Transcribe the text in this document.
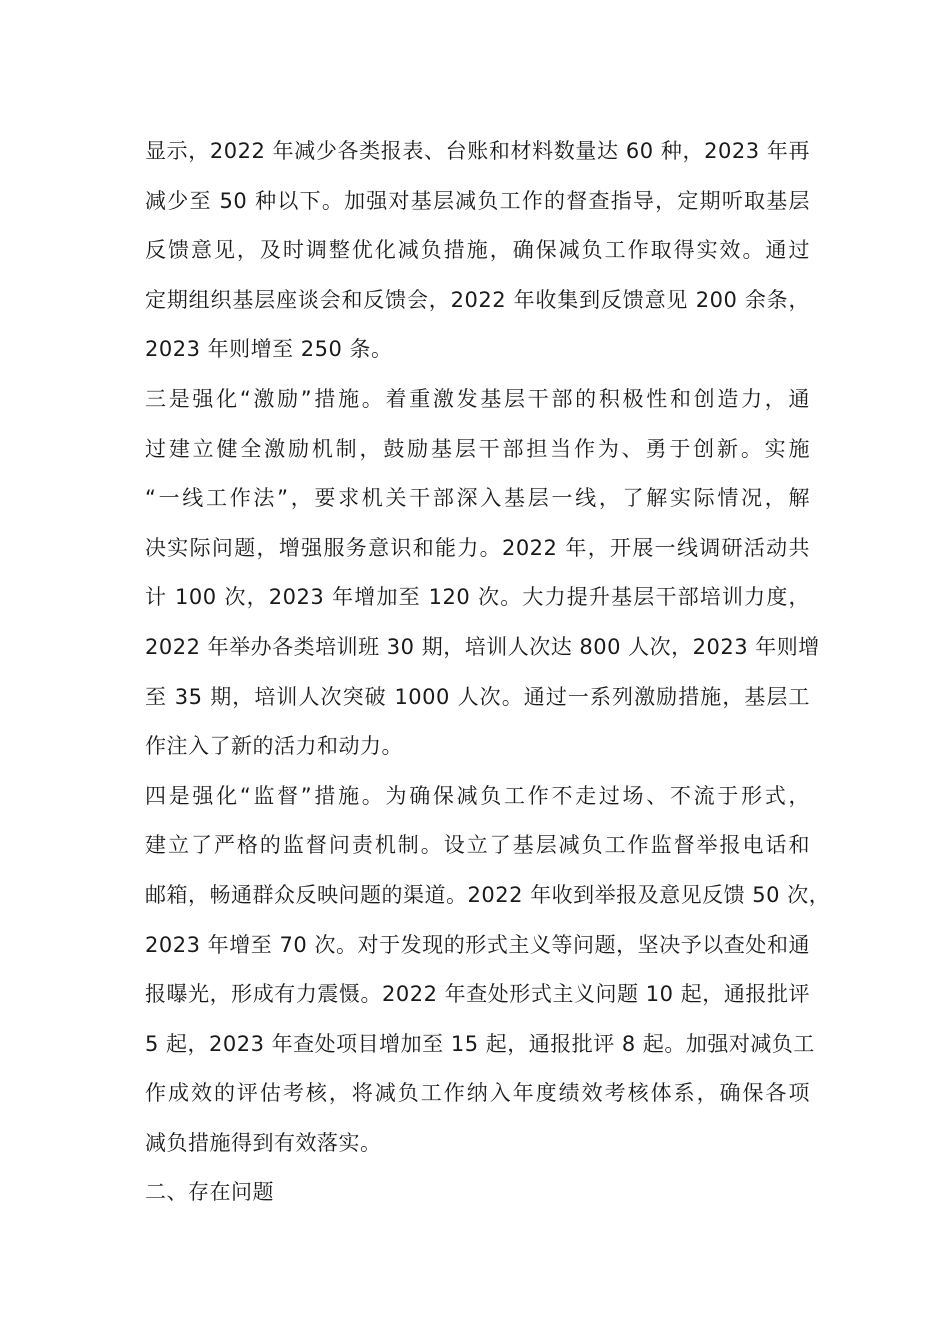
显示，2022 年减少各类报表、台账和材料数量达 60 种，2023 年再
减少至 50 种以下。加强对基层减负工作的督查指导，定期听取基层
反馈意见，及时调整优化减负措施，确保减负工作取得实效。通过
定期组织基层座谈会和反馈会，2022 年收集到反馈意见 200 余条，
2023 年则增至 250 条。
三是强化“激励”措施。着重激发基层干部的积极性和创造力，通
过建立健全激励机制，鼓励基层干部担当作为、勇于创新。实施
“一线工作法”，要求机关干部深入基层一线，了解实际情况，解
决实际问题，增强服务意识和能力。2022 年，开展一线调研活动共
计 100 次，2023 年增加至 120 次。大力提升基层干部培训力度，
2022 年举办各类培训班 30 期，培训人次达 800 人次，2023 年则增
至 35 期，培训人次突破 1000 人次。通过一系列激励措施，基层工
作注入了新的活力和动力。
四是强化“监督”措施。为确保减负工作不走过场、不流于形式，
建立了严格的监督问责机制。设立了基层减负工作监督举报电话和
邮箱，畅通群众反映问题的渠道。2022 年收到举报及意见反馈 50 次，
2023 年增至 70 次。对于发现的形式主义等问题，坚决予以查处和通
报曝光，形成有力震慑。2022 年查处形式主义问题 10 起，通报批评
5 起，2023 年查处项目增加至 15 起，通报批评 8 起。加强对减负工
作成效的评估考核，将减负工作纳入年度绩效考核体系，确保各项
减负措施得到有效落实。
二、存在问题
